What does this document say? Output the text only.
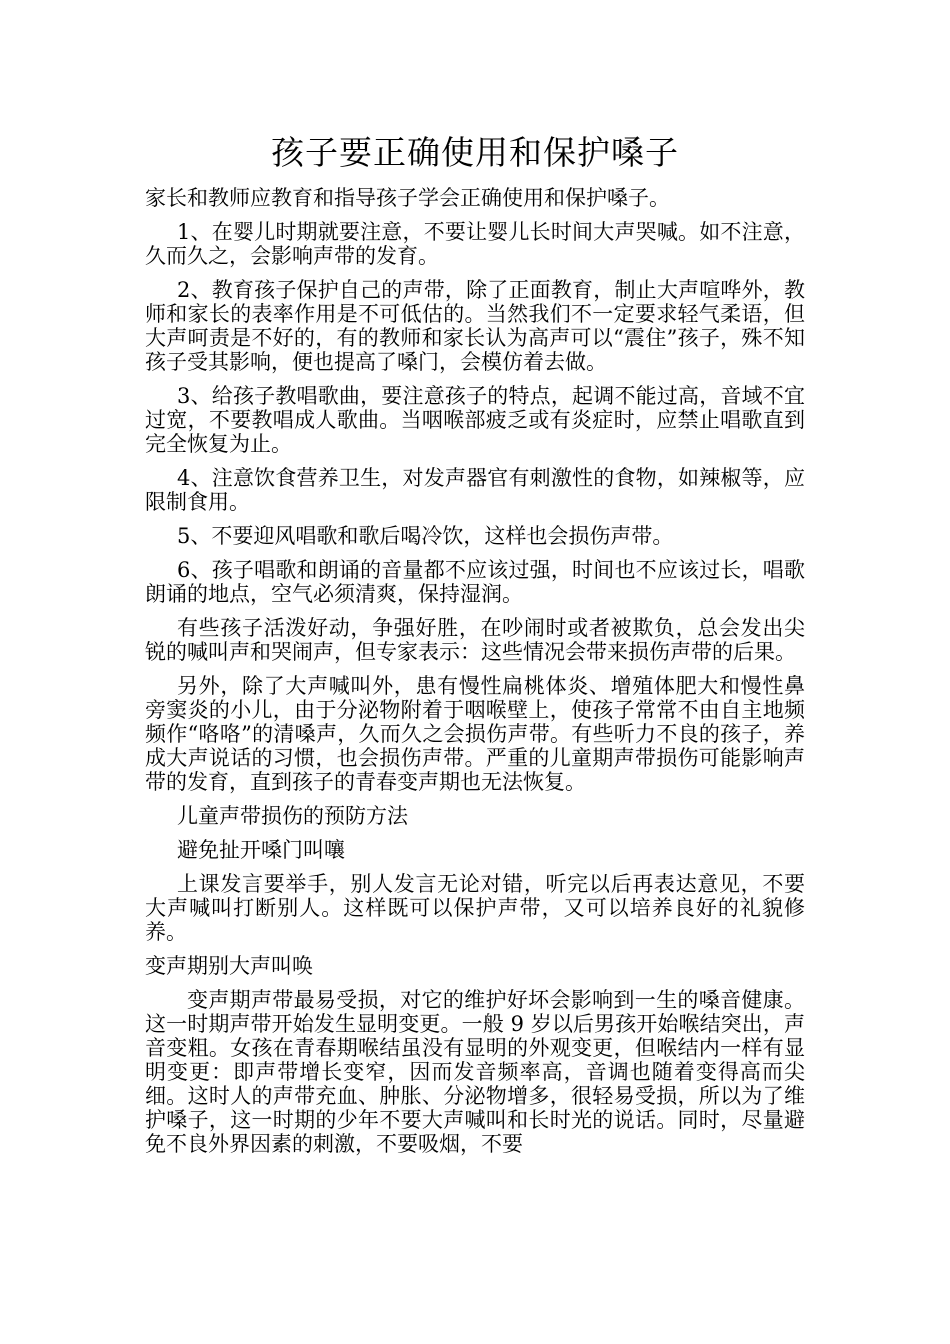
孩子要正确使用和保护嗓子

家长和教师应教育和指导孩子学会正确使用和保护嗓子。

1、在婴儿时期就要注意，不要让婴儿长时间大声哭喊。如不注意，久而久之，会影响声带的发育。

2、教育孩子保护自己的声带，除了正面教育，制止大声喧哗外，教师和家长的表率作用是不可低估的。当然我们不一定要求轻气柔语，但大声呵责是不好的，有的教师和家长认为高声可以“震住”孩子，殊不知孩子受其影响，便也提高了嗓门，会模仿着去做。

3、给孩子教唱歌曲，要注意孩子的特点，起调不能过高，音域不宜过宽，不要教唱成人歌曲。当咽喉部疲乏或有炎症时，应禁止唱歌直到完全恢复为止。

4、注意饮食营养卫生，对发声器官有刺激性的食物，如辣椒等，应限制食用。

5、不要迎风唱歌和歌后喝冷饮，这样也会损伤声带。

6、孩子唱歌和朗诵的音量都不应该过强，时间也不应该过长，唱歌朗诵的地点，空气必须清爽，保持湿润。

有些孩子活泼好动，争强好胜，在吵闹时或者被欺负，总会发出尖锐的喊叫声和哭闹声，但专家表示：这些情况会带来损伤声带的后果。

另外，除了大声喊叫外，患有慢性扁桃体炎、增殖体肥大和慢性鼻旁窦炎的小儿，由于分泌物附着于咽喉壁上，使孩子常常不由自主地频频作“咯咯”的清嗓声，久而久之会损伤声带。有些听力不良的孩子，养成大声说话的习惯，也会损伤声带。严重的儿童期声带损伤可能影响声带的发育，直到孩子的青春变声期也无法恢复。

儿童声带损伤的预防方法

避免扯开嗓门叫嚷

上课发言要举手，别人发言无论对错，听完以后再表达意见，不要大声喊叫打断别人。这样既可以保护声带，又可以培养良好的礼貌修养。

变声期别大声叫唤

变声期声带最易受损，对它的维护好坏会影响到一生的嗓音健康。这一时期声带开始发生显明变更。一般 9 岁以后男孩开始喉结突出，声音变粗。女孩在青春期喉结虽没有显明的外观变更，但喉结内一样有显明变更：即声带增长变窄，因而发音频率高，音调也随着变得高而尖细。这时人的声带充血、肿胀、分泌物增多，很轻易受损，所以为了维护嗓子，这一时期的少年不要大声喊叫和长时光的说话。同时，尽量避免不良外界因素的刺激，不要吸烟，不要
